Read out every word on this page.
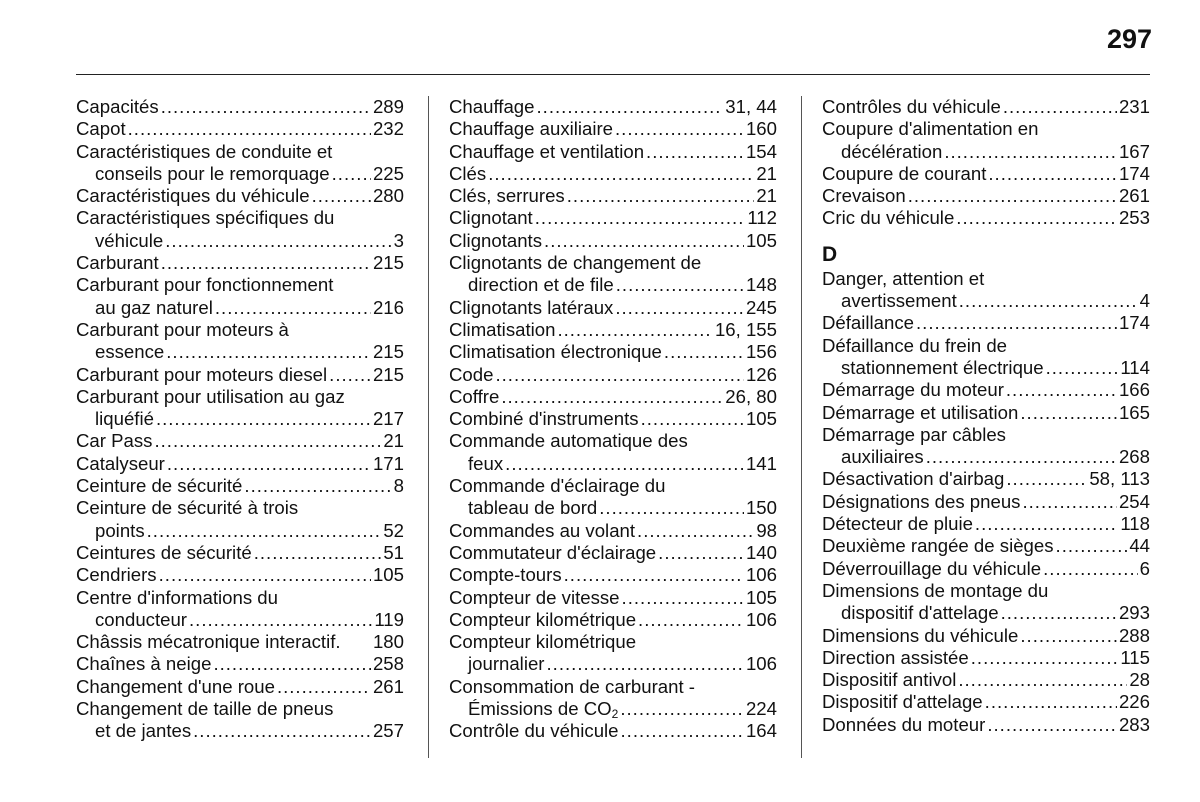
297
Capacités .....	289
Capot .....	232
Caractéristiques de conduite et
conseils pour le remorquage ..... 225
Caractéristiques du véhicule .....	280
Caractéristiques spécifiques du
véhicule .....	3
Carburant .....	215
Carburant pour fonctionnement
au gaz naturel .....	216
Carburant pour moteurs à
essence .....	215
Carburant pour moteurs diesel ..... 215
Carburant pour utilisation au gaz
liquéfié .....	217
Car Pass .....	21
Catalyseur .....	171
Ceinture de sécurité .....	8
Ceinture de sécurité à trois
points .....	52
Ceintures de sécurité .....	51
Cendriers .....	105
Centre d'informations du
conducteur .....	119
Châssis mécatronique interactif. 180
Chaînes à neige .....	258
Changement d'une roue .....	261
Changement de taille de pneus
et de jantes .....	257
Chauffage .....	31, 44
Chauffage auxiliaire .....	160
Chauffage et ventilation .....	154
Clés .....	21
Clés, serrures .....	21
Clignotant .....	112
Clignotants .....	105
Clignotants de changement de
direction et de file .....	148
Clignotants latéraux .....	245
Climatisation .....	16, 155
Climatisation électronique .....	156
Code .....	126
Coffre .....	26, 80
Combiné d'instruments .....	105
Commande automatique des
feux .....	141
Commande d'éclairage du
tableau de bord .....	150
Commandes au volant .....	98
Commutateur d'éclairage .....	140
Compte-tours .....	106
Compteur de vitesse .....	105
Compteur kilométrique .....	106
Compteur kilométrique
journalier .....	106
Consommation de carburant -
Émissions de $CO_2$ .....	224
Contrôle du véhicule .....	164
Contrôles du véhicule .....	231
Coupure d'alimentation en
décélération .....	167
Coupure de courant .....	174
Crevaison .....	261
Cric du véhicule .....	253
D
Danger, attention et
avertissement .....	4
Défaillance .....	174
Défaillance du frein de
stationnement électrique .....	114
Démarrage du moteur .....	166
Démarrage et utilisation .....	165
Démarrage par câbles
auxiliaires .....	268
Désactivation d'airbag .....	58, 113
Désignations des pneus .....	254
Détecteur de pluie .....	118
Deuxième rangée de sièges .....	44
Déverrouillage du véhicule .....	6
Dimensions de montage du
dispositif d'attelage .....	293
Dimensions du véhicule .....	288
Direction assistée .....	115
Dispositif antivol .....	28
Dispositif d'attelage .....	226
Données du moteur .....	283
